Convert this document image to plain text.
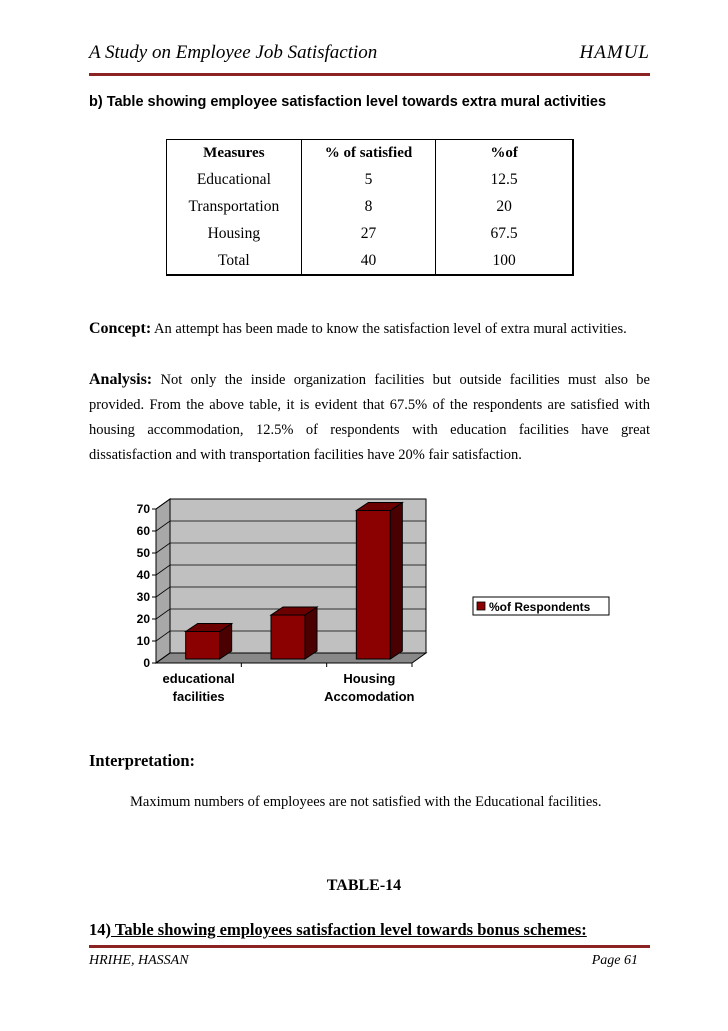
A Study on Employee Job Satisfaction	HAMUL
b) Table showing employee satisfaction level towards extra mural activities
Measures	% of satisfied	%of
Educational	5	12.5
Transportation	8	20
Housing	27	67.5
Total	40	100
Concept: An attempt has been made to know the satisfaction level of extra mural activities.
Analysis: Not only the inside organization facilities but outside facilities must also be provided. From the above table, it is evident that 67.5% of the respondents are satisfied with housing accommodation, 12.5% of respondents with education facilities have great dissatisfaction and with transportation facilities have 20% fair satisfaction.
0
10
20
30
40
50
60
70
educational
facilities
Housing
Accomodation
%of Respondents
Interpretation:
Maximum numbers of employees are not satisfied with the Educational facilities.
TABLE-14
14) Table showing employees satisfaction level towards bonus schemes:
HRIHE, HASSAN	Page 61
